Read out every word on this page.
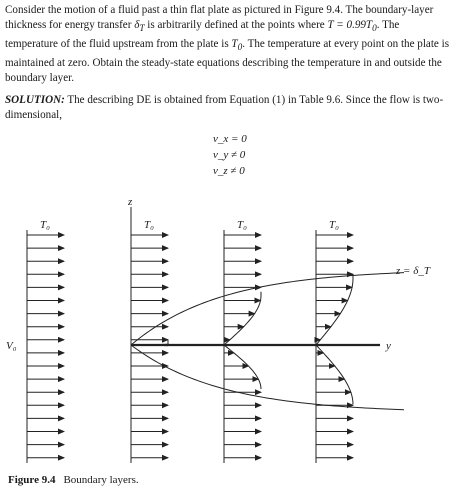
Consider the motion of a fluid past a thin flat plate as pictured in Figure 9.4. The boundary-layer thickness for energy transfer $\delta_T$ is arbitrarily defined at the points where $T = 0.99T_0$. The temperature of the fluid upstream from the plate is $T_0$. The temperature at every point on the plate is maintained at zero. Obtain the steady-state equations describing the temperature in and outside the boundary layer.

SOLUTION: The describing DE is obtained from Equation (1) in Table 9.6. Since the flow is two-dimensional,

v_x = 0
v_y ≠ 0
v_z ≠ 0
T₀	T₀	T₀	T₀
z
y
V₀
z = δ_T
Figure 9.4 Boundary layers.
